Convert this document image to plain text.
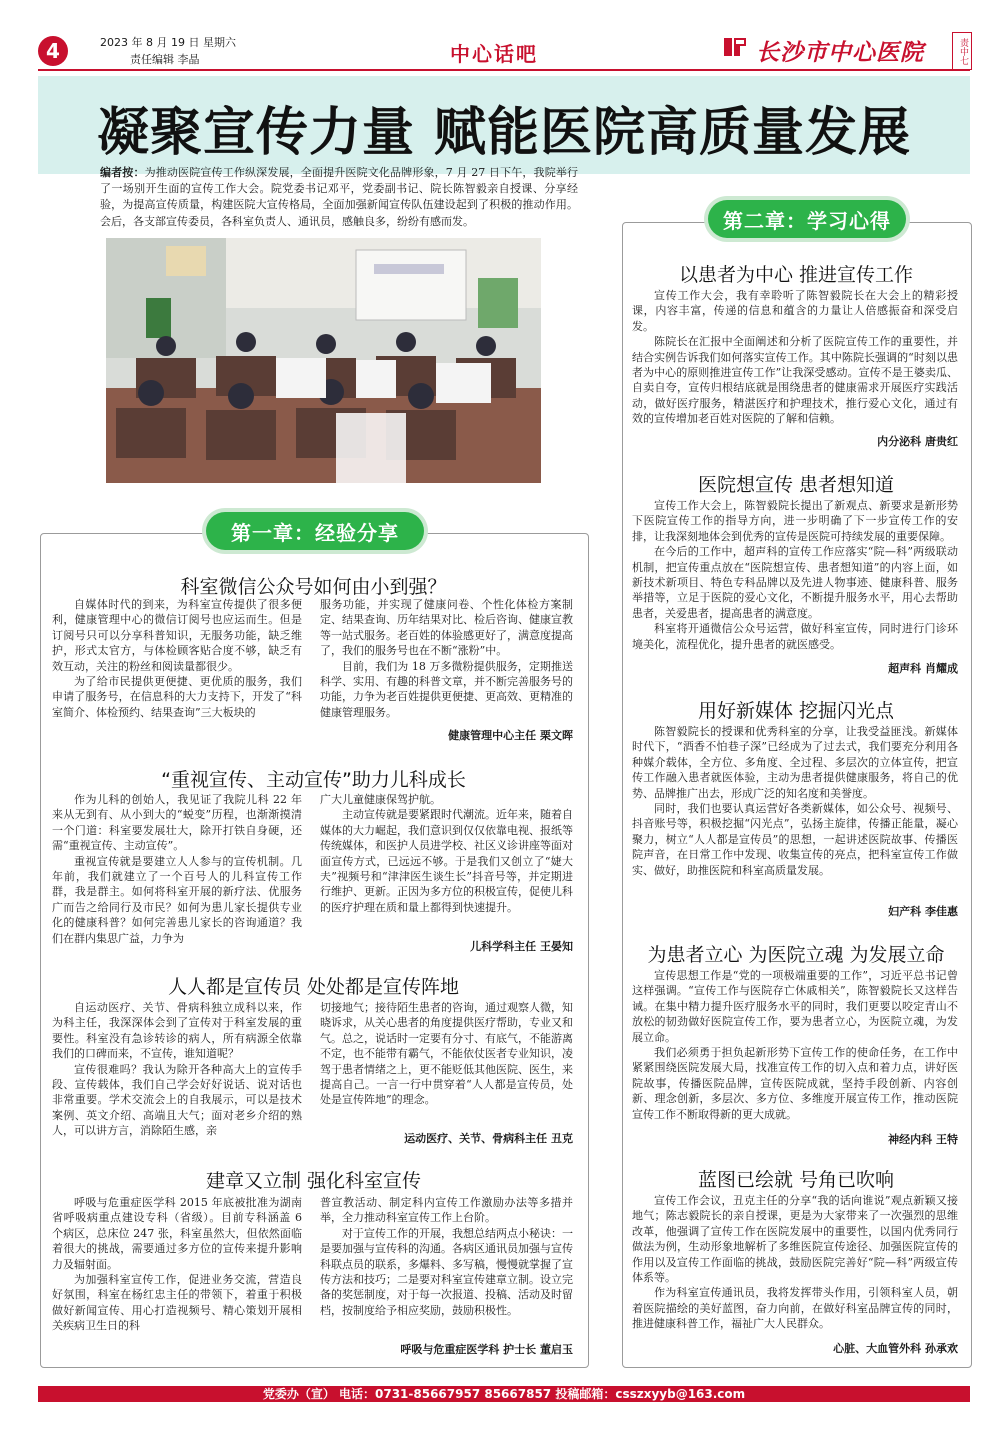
4	2023 年 8 月 19 日 星期六
责任编辑 李晶	中心话吧	长沙市中心医院	责中七
凝聚宣传力量 赋能医院高质量发展
编者按：为推动医院宣传工作纵深发展，全面提升医院文化品牌形象，7 月 27 日下午，我院举行了一场别开生面的宣传工作大会。院党委书记邓平，党委副书记、院长陈智毅亲自授课、分享经验，为提高宣传质量，构建医院大宣传格局，全面加强新闻宣传队伍建设起到了积极的推动作用。会后，各支部宣传委员，各科室负责人、通讯员，感触良多，纷纷有感而发。
第一章：经验分享
科室微信公众号如何由小到强？

自媒体时代的到来，为科室宣传提供了很多便利，健康管理中心的微信订阅号也应运而生。但是订阅号只可以分享科普知识，无服务功能，缺乏维护，形式太官方，与体检顾客贴合度不够，缺乏有效互动，关注的粉丝和阅读量都很少。

为了给市民提供更便捷、更优质的服务，我们申请了服务号，在信息科的大力支持下，开发了“科室简介、体检预约、结果查询”三大板块的

服务功能，并实现了健康问卷、个性化体检方案制定、结果查询、历年结果对比、检后咨询、健康宣教等一站式服务。老百姓的体验感更好了，满意度提高了，我们的服务号也在不断“涨粉”中。

目前，我们为 18 万多微粉提供服务，定期推送科学、实用、有趣的科普文章，并不断完善服务号的功能，力争为老百姓提供更便捷、更高效、更精准的健康管理服务。

健康管理中心主任 栗文晖
“重视宣传、主动宣传”助力儿科成长

作为儿科的创始人，我见证了我院儿科 22 年来从无到有、从小到大的“蜕变”历程，也渐渐摸清一个门道：科室要发展壮大，除开打铁自身硬，还需“重视宣传、主动宣传”。

重视宣传就是要建立人人参与的宣传机制。几年前，我们就建立了一个百号人的儿科宣传工作群，我是群主。如何将科室开展的新疗法、优服务广而告之给同行及市民？如何为患儿家长提供专业化的健康科普？如何完善患儿家长的咨询通道？我们在群内集思广益，力争为

广大儿童健康保驾护航。

主动宣传就是要紧跟时代潮流。近年来，随着自媒体的大力崛起，我们意识到仅仅依靠电视、报纸等传统媒体，和医护人员进学校、社区义诊讲座等面对面宣传方式，已远远不够。于是我们又创立了“婕大夫”视频号和“津津医生谈生长”抖音号等，并定期进行维护、更新。正因为多方位的积极宣传，促使儿科的医疗护理在质和量上都得到快速提升。

儿科学科主任 王晏知
人人都是宣传员 处处都是宣传阵地

自运动医疗、关节、骨病科独立成科以来，作为科主任，我深深体会到了宣传对于科室发展的重要性。科室没有急诊转诊的病人，所有病源全依靠我们的口碑而来，不宣传，谁知道呢？

宣传很难吗？我认为除开各种高大上的宣传手段、宣传载体，我们自己学会好好说话、说对话也非常重要。学术交流会上的自我展示，可以是技术案例、英文介绍、高端且大气；面对老乡介绍的熟人，可以讲方言，消除陌生感，亲

切接地气；接待陌生患者的咨询，通过观察人微，知晓诉求，从关心患者的角度提供医疗帮助，专业又和气。总之，说话时一定要有分寸、有底气，不能游离不定，也不能带有霸气，不能依仗医者专业知识，凌驾于患者情绪之上，更不能贬低其他医院、医生，来提高自己。一言一行中贯穿着“人人都是宣传员，处处是宣传阵地”的理念。

运动医疗、关节、骨病科主任 丑克
建章又立制 强化科室宣传

呼吸与危重症医学科 2015 年底被批准为湖南省呼吸病重点建设专科（省级）。目前专科涵盖 6 个病区，总床位 247 张，科室虽然大，但依然面临着很大的挑战，需要通过多方位的宣传来提升影响力及辐射面。

为加强科室宣传工作，促进业务交流，营造良好氛围，科室在杨红忠主任的带领下，着重于积极做好新闻宣传、用心打造视频号、精心策划开展相关疾病卫生日的科

普宣教活动、制定科内宣传工作激励办法等多措并举，全力推动科室宣传工作上台阶。

对于宣传工作的开展，我想总结两点小秘诀：一是要加强与宣传科的沟通。各病区通讯员加强与宣传科联点员的联系，多爆料、多写稿，慢慢就掌握了宣传方法和技巧；二是要对科室宣传建章立制。设立完备的奖惩制度，对于每一次报道、投稿、活动及时留档，按制度给予相应奖励，鼓励积极性。

呼吸与危重症医学科 护士长 董启玉
第二章：学习心得
以患者为中心 推进宣传工作

宣传工作大会，我有幸聆听了陈智毅院长在大会上的精彩授课，内容丰富，传递的信息和蕴含的力量让人倍感振奋和深受启发。

陈院长在汇报中全面阐述和分析了医院宣传工作的重要性，并结合实例告诉我们如何落实宣传工作。其中陈院长强调的“时刻以患者为中心的原则推进宣传工作”让我深受感动。宣传不是王婆卖瓜、自卖自夸，宣传归根结底就是围绕患者的健康需求开展医疗实践活动，做好医疗服务，精湛医疗和护理技术，推行爱心文化，通过有效的宣传增加老百姓对医院的了解和信赖。

内分泌科 唐贵红
医院想宣传 患者想知道

宣传工作大会上，陈智毅院长提出了新观点、新要求是新形势下医院宣传工作的指导方向，进一步明确了下一步宣传工作的安排，让我深刻地体会到优秀的宣传是医院可持续发展的重要保障。

在今后的工作中，超声科的宣传工作应落实“院—科”两级联动机制，把宣传重点放在“医院想宣传、患者想知道”的内容上面，如新技术新项目、特色专科品牌以及先进人物事迹、健康科普、服务举措等，立足于医院的爱心文化，不断提升服务水平，用心去帮助患者，关爱患者，提高患者的满意度。

科室将开通微信公众号运营，做好科室宣传，同时进行门诊环境美化，流程优化，提升患者的就医感受。

超声科 肖耀成
用好新媒体 挖掘闪光点

陈智毅院长的授课和优秀科室的分享，让我受益匪浅。新媒体时代下，“酒香不怕巷子深”已经成为了过去式，我们要充分利用各种媒介载体，全方位、多角度、全过程、多层次的立体宣传，把宣传工作融入患者就医体验，主动为患者提供健康服务，将自己的优势、品牌推广出去，形成广泛的知名度和美誉度。

同时，我们也要认真运营好各类新媒体，如公众号、视频号、抖音账号等，积极挖掘“闪光点”，弘扬主旋律，传播正能量，凝心聚力，树立“人人都是宣传员”的思想，一起讲述医院故事、传播医院声音，在日常工作中发现、收集宣传的亮点，把科室宣传工作做实、做好，助推医院和科室高质量发展。

妇产科 李佳惠
为患者立心 为医院立魂 为发展立命

宣传思想工作是“党的一项极端重要的工作”，习近平总书记曾这样强调。“宣传工作与医院存亡休戚相关”，陈智毅院长又这样告诫。在集中精力提升医疗服务水平的同时，我们更要以咬定青山不放松的韧劲做好医院宣传工作，要为患者立心，为医院立魂，为发展立命。

我们必须勇于担负起新形势下宣传工作的使命任务，在工作中紧紧围绕医院发展大局，找准宣传工作的切入点和着力点，讲好医院故事，传播医院品牌，宣传医院成就，坚持手段创新、内容创新、理念创新，多层次、多方位、多维度开展宣传工作，推动医院宣传工作不断取得新的更大成就。

神经内科 王特
蓝图已绘就 号角已吹响

宣传工作会议，丑克主任的分享“我的话向谁说”观点新颖又接地气；陈志毅院长的亲自授课，更是为大家带来了一次强烈的思维改革，他强调了宣传工作在医院发展中的重要性，以国内优秀同行做法为例，生动形象地解析了多维医院宣传途径、加强医院宣传的作用以及宣传工作面临的挑战，鼓励医院完善好“院—科”两级宣传体系等。

作为科室宣传通讯员，我将发挥带头作用，引领科室人员，朝着医院描绘的美好蓝图，奋力向前，在做好科室品牌宣传的同时，推进健康科普工作，福祉广大人民群众。

心脏、大血管外科 孙承欢
党委办（宣） 电话：0731-85667957 85667857 投稿邮箱：csszxyyb@163.com
